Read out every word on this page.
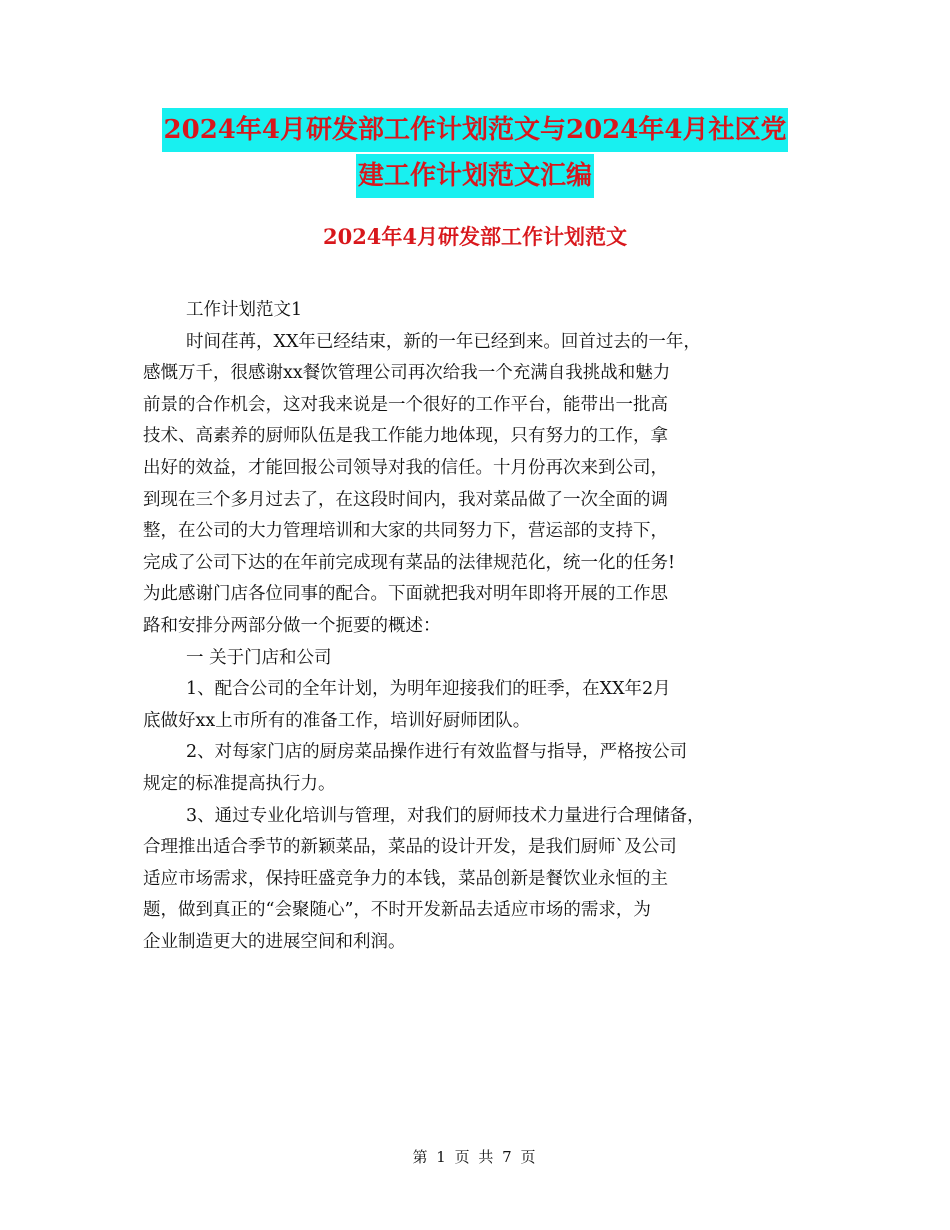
2024年4月研发部工作计划范文与2024年4月社区党
建工作计划范文汇编
2024年4月研发部工作计划范文

工作计划范文1

时间荏苒，XX年已经结束，新的一年已经到来。回首过去的一年，

感慨万千，很感谢xx餐饮管理公司再次给我一个充满自我挑战和魅力

前景的合作机会，这对我来说是一个很好的工作平台，能带出一批高

技术、高素养的厨师队伍是我工作能力地体现，只有努力的工作，拿

出好的效益，才能回报公司领导对我的信任。十月份再次来到公司，

到现在三个多月过去了，在这段时间内，我对菜品做了一次全面的调

整，在公司的大力管理培训和大家的共同努力下，营运部的支持下，

完成了公司下达的在年前完成现有菜品的法律规范化，统一化的任务!

为此感谢门店各位同事的配合。下面就把我对明年即将开展的工作思

路和安排分两部分做一个扼要的概述：

一 关于门店和公司

1、配合公司的全年计划，为明年迎接我们的旺季，在XX年2月

底做好xx上市所有的准备工作，培训好厨师团队。

2、对每家门店的厨房菜品操作进行有效监督与指导，严格按公司

规定的标准提高执行力。

3、通过专业化培训与管理，对我们的厨师技术力量进行合理储备，

合理推出适合季节的新颖菜品，菜品的设计开发，是我们厨师`及公司

适应市场需求，保持旺盛竞争力的本钱，菜品创新是餐饮业永恒的主

题，做到真正的“会聚随心”，不时开发新品去适应市场的需求，为

企业制造更大的进展空间和利润。

第 1 页 共 7 页
